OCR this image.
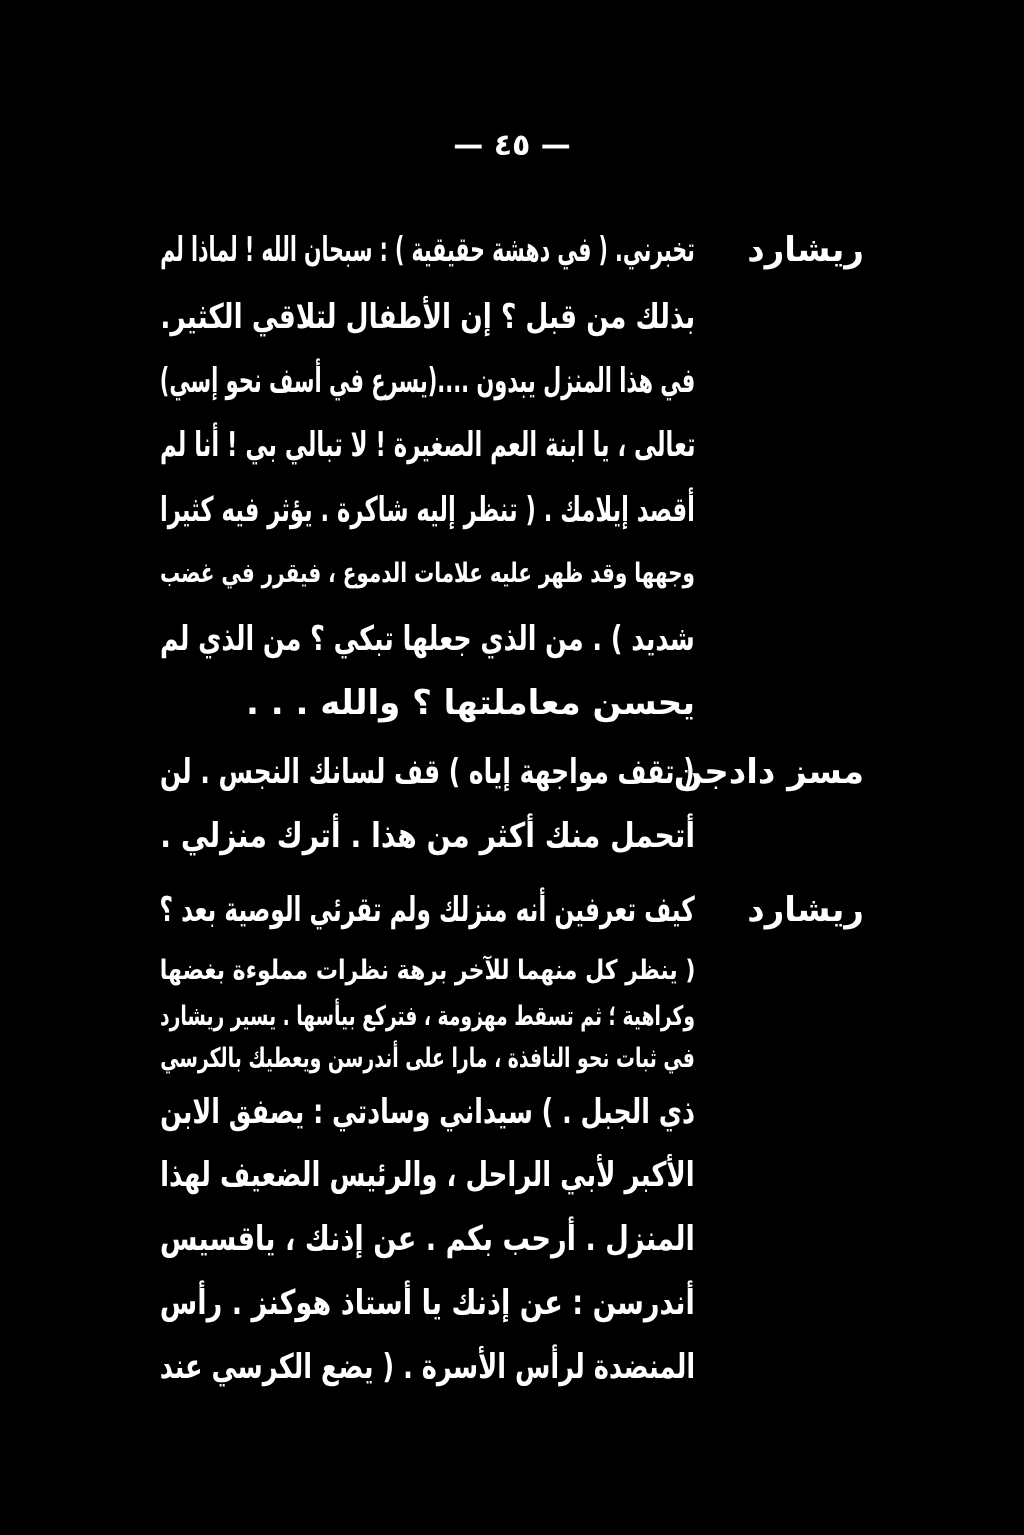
— ٤٥ —
ريشارد
مسز دادجن
ريشارد
تخبرني. ( في دهشة حقيقية ) : سبحان الله ! لماذا لم
بذلك من قبل ؟ إن الأطفال لتلاقي الكثير.
في هذا المنزل يبدون ....(يسرع في أسف نحو إسي)
تعالى ، يا ابنة العم الصغيرة ! لا تبالي بي ! أنا لم
أقصد إيلامك . ( تنظر إليه شاكرة . يؤثر فيه كثيرا
وجهها وقد ظهر عليه علامات الدموع ، فيقرر في غضب
شديد ) . من الذي جعلها تبكي ؟ من الذي لم
يحسن معاملتها ؟ والله . . .
( تقف مواجهة إياه ) قف لسانك النجس . لن
أتحمل منك أكثر من هذا . أترك منزلي .
كيف تعرفين أنه منزلك ولم تقرئي الوصية بعد ؟
( ينظر كل منهما للآخر برهة نظرات مملوءة بغضها
وكراهية ؛ ثم تسقط مهزومة ، فتركع بيأسها . يسير ريشارد
في ثبات نحو النافذة ، مارا على أندرسن ويعطيك بالكرسي
ذي الجبل . ) سيداني وسادتي : يصفق الابن
الأكبر لأبي الراحل ، والرئيس الضعيف لهذا
المنزل . أرحب بكم . عن إذنك ، ياقسيس
أندرسن : عن إذنك يا أستاذ هوكنز . رأس
المنضدة لرأس الأسرة . ( يضع الكرسي عند
